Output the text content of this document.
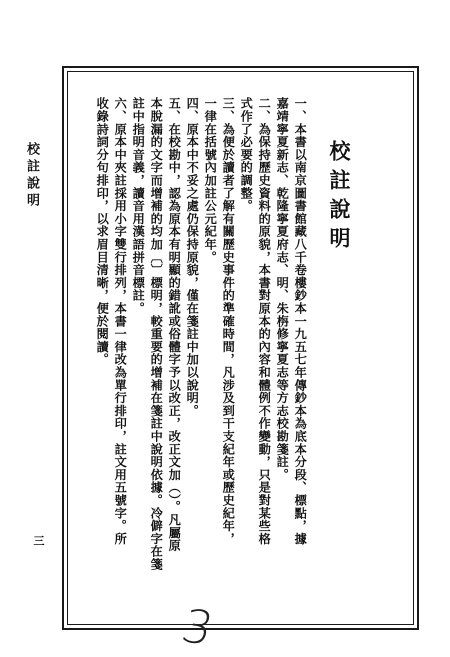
校註說明
三
校註說明
一、本書以南京圖書館藏八千卷樓鈔本一九五七年傳鈔本為底本分段、標點，據
嘉靖寧夏新志、乾隆寧夏府志、明、朱栴修寧夏志等方志校勘箋註。
二、為保持歷史資料的原貌，本書對原本的內容和體例不作變動，只是對某些格
式作了必要的調整。
三、為便於讀者了解有關歷史事件的準確時間，凡涉及到干支紀年或歷史紀年，
一律在括號內加註公元紀年。
四、原本中不妥之處仍保持原貌，僅在箋註中加以說明。
五、在校勘中，認為原本有明顯的錯訛或俗體字予以改正，改正文加（）。凡屬原
本脫漏的文字而增補的均加〔〕標明，較重要的增補在箋註中說明依據。冷僻字在箋
註中指明音義，讀音用漢語拼音標註。
六、原本中夾註採用小字雙行排列，本書一律改為單行排印，註文用五號字。所
收錄詩詞分句排印，以求眉目清晰，便於閱讀。
3
